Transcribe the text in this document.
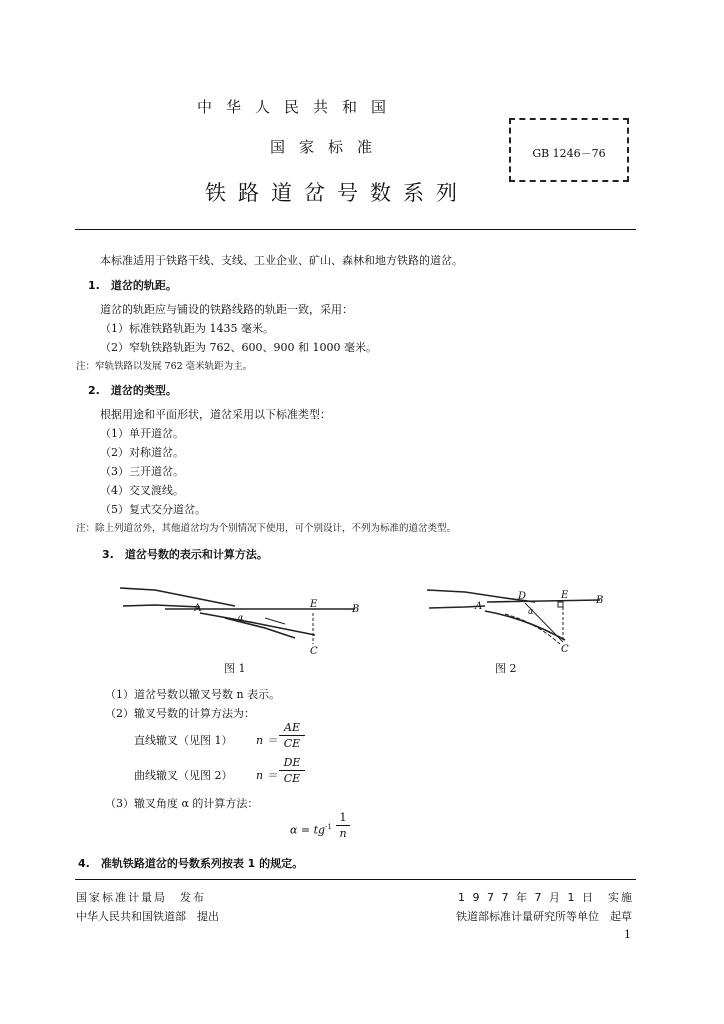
中华人民共和国
国家标准
铁路道岔号数系列
GB 1246－76
本标准适用于铁路干线、支线、工业企业、矿山、森林和地方铁路的道岔。
1.　道岔的轨距。
道岔的轨距应与铺设的铁路线路的轨距一致，采用：
（1）标准铁路轨距为 1435 毫米。
（2）窄轨铁路轨距为 762、600、900 和 1000 毫米。
注：窄轨铁路以发展 762 毫米轨距为主。
2.　道岔的类型。
根据用途和平面形状，道岔采用以下标准类型：
（1）单开道岔。
（2）对称道岔。
（3）三开道岔。
（4）交叉渡线。
（5）复式交分道岔。
注：除上列道岔外，其他道岔均为个别情况下使用，可个别设计，不列为标准的道岔类型。
3.　道岔号数的表示和计算方法。
A	E	B
C
α
图 1
A
D	E	B
C
α
图 2
（1）道岔号数以辙叉号数 n 表示。
（2）辙叉号数的计算方法为：
直线辙叉（见图 1） n ＝
AE
CE
曲线辙叉（见图 2） n ＝
DE
CE
（3）辙叉角度 α 的计算方法：
$\alpha = tg^{-1}$
1
n
4.　准轨铁路道岔的号数系列按表 1 的规定。
国家标准计量局　发布
中华人民共和国铁道部　提出
1 9 7 7 年 7 月 1 日　实施
铁道部标准计量研究所等单位　起草
1
